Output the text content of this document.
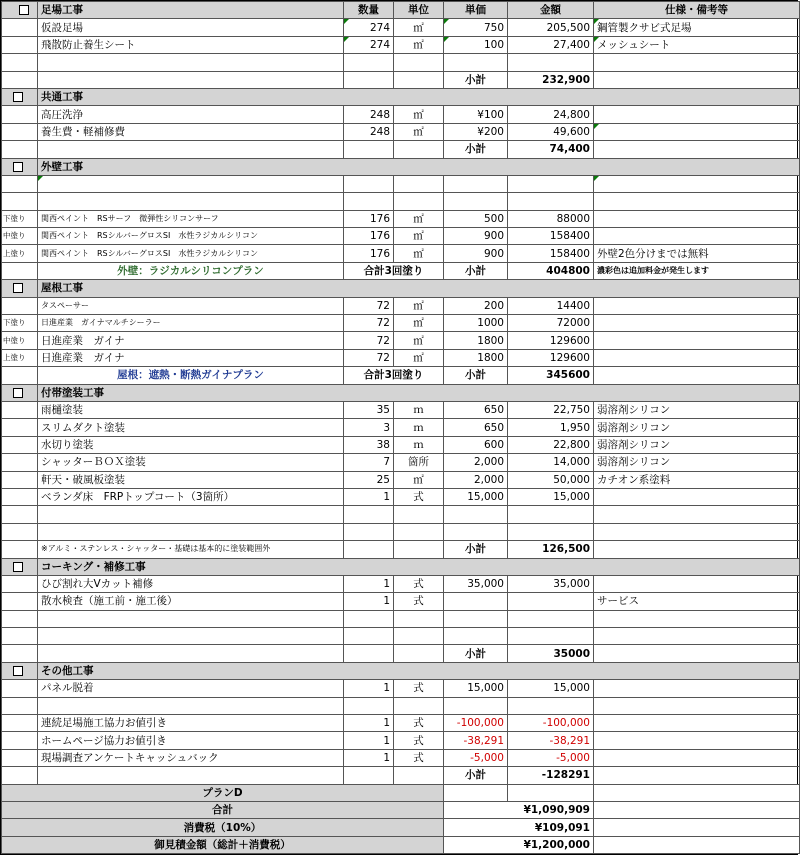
	足場工事	数量	単位	単価	金額	仕様・備考等
	仮設足場	274	㎡	750	205,500	鋼管製クサビ式足場
	飛散防止養生シート	274	㎡	100	27,400	メッシュシート

				小計	232,900	
	共通工事					
	高圧洗浄	248	㎡	¥100	24,800	
	養生費・軽補修費	248	㎡	¥200	49,600	
				小計	74,400	
	外壁工事					

下塗り	関西ペイント　RSサーフ　微弾性シリコンサーフ	176	㎡	500	88000	
中塗り	関西ペイント　RSシルバーグロスSI　水性ラジカルシリコン	176	㎡	900	158400	
上塗り	関西ペイント　RSシルバーグロスSI　水性ラジカルシリコン	176	㎡	900	158400	外壁2色分けまでは無料
	外壁：ラジカルシリコンプラン	合計3回塗り		小計	404800	濃彩色は追加料金が発生します
	屋根工事					
	タスペーサー	72	㎡	200	14400	
下塗り	日進産業　ガイナマルチシーラー	72	㎡	1000	72000	
中塗り	日進産業　ガイナ	72	㎡	1800	129600	
上塗り	日進産業　ガイナ	72	㎡	1800	129600	
	屋根：遮熱・断熱ガイナプラン	合計3回塗り		小計	345600	
	付帯塗装工事					
	雨樋塗装	35	ｍ	650	22,750	弱溶剤シリコン
	スリムダクト塗装	3	ｍ	650	1,950	弱溶剤シリコン
	水切り塗装	38	ｍ	600	22,800	弱溶剤シリコン
	シャッターＢＯＸ塗装	7	箇所	2,000	14,000	弱溶剤シリコン
	軒天・破風板塗装	25	㎡	2,000	50,000	カチオン系塗料
	ベランダ床　FRPトップコート（3箇所）	1	式	15,000	15,000	

	※アルミ・ステンレス・シャッター・基礎は基本的に塗装範囲外			小計	126,500	
	コーキング・補修工事					
	ひび割れ大Vカット補修	1	式	35,000	35,000	
	散水検査（施工前・施工後）	1	式			サービス

				小計	35000	
	その他工事					
	パネル脱着	1	式	15,000	15,000	

	連続足場施工協力お値引き	1	式	-100,000	-100,000	
	ホームページ協力お値引き	1	式	-38,291	-38,291	
	現場調査アンケートキャッシュバック	1	式	-5,000	-5,000	
				小計	-128291	
プランD						
合計				¥1,090,909		
消費税（10%）				¥109,091		
御見積金額（総計＋消費税）				¥1,200,000		
